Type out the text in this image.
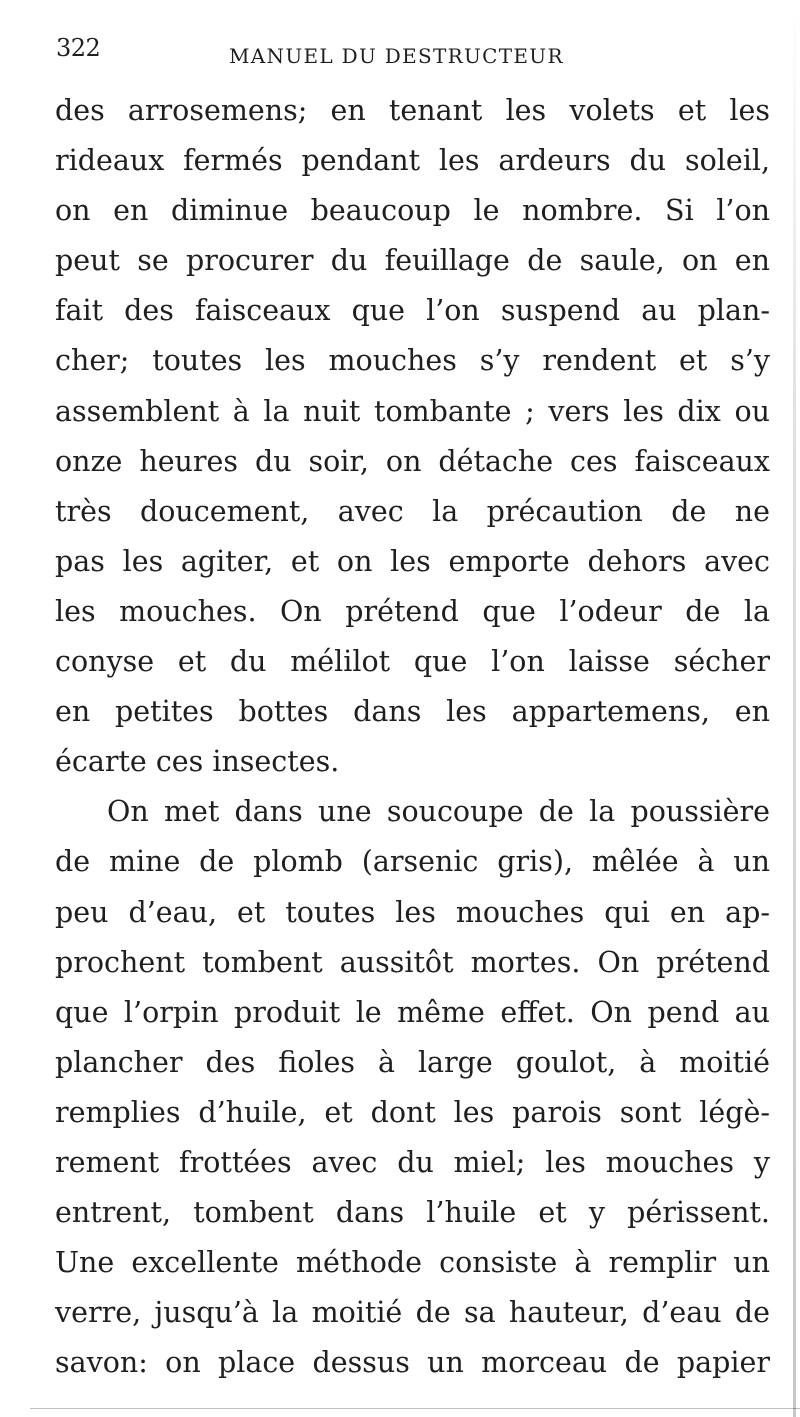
322	MANUEL DU DESTRUCTEUR
des arrosemens; en tenant les volets et les
rideaux fermés pendant les ardeurs du soleil,
on en diminue beaucoup le nombre. Si l’on
peut se procurer du feuillage de saule, on en
fait des faisceaux que l’on suspend au plan-
cher; toutes les mouches s’y rendent et s’y
assemblent à la nuit tombante ; vers les dix ou
onze heures du soir, on détache ces faisceaux
très doucement, avec la précaution de ne
pas les agiter, et on les emporte dehors avec
les mouches. On prétend que l’odeur de la
conyse et du mélilot que l’on laisse sécher
en petites bottes dans les appartemens, en
écarte ces insectes.
On met dans une soucoupe de la poussière
de mine de plomb (arsenic gris), mêlée à un
peu d’eau, et toutes les mouches qui en ap-
prochent tombent aussitôt mortes. On prétend
que l’orpin produit le même effet. On pend au
plancher des fioles à large goulot, à moitié
remplies d’huile, et dont les parois sont légè-
rement frottées avec du miel; les mouches y
entrent, tombent dans l’huile et y périssent.
Une excellente méthode consiste à remplir un
verre, jusqu’à la moitié de sa hauteur, d’eau de
savon: on place dessus un morceau de papier
